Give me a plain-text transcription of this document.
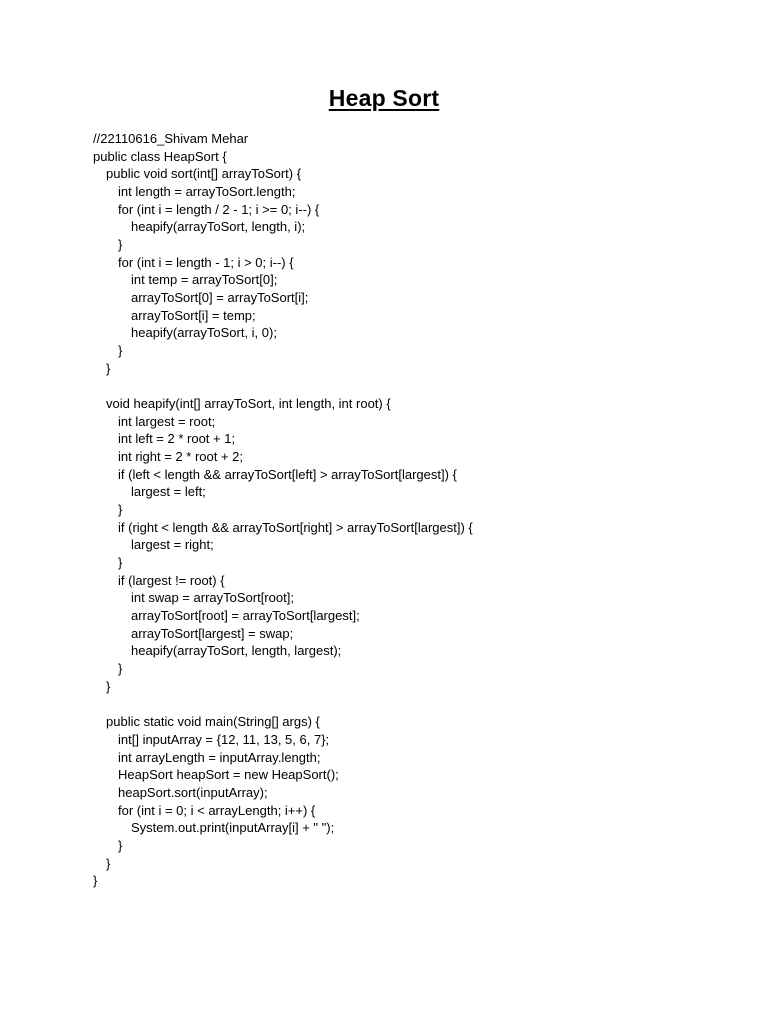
Heap Sort
//22110616_Shivam Mehar
public class HeapSort {
public void sort(int[] arrayToSort) {
int length = arrayToSort.length;
for (int i = length / 2 - 1; i >= 0; i--) {
heapify(arrayToSort, length, i);
}
for (int i = length - 1; i > 0; i--) {
int temp = arrayToSort[0];
arrayToSort[0] = arrayToSort[i];
arrayToSort[i] = temp;
heapify(arrayToSort, i, 0);
}
}
void heapify(int[] arrayToSort, int length, int root) {
int largest = root;
int left = 2 * root + 1;
int right = 2 * root + 2;
if (left < length && arrayToSort[left] > arrayToSort[largest]) {
largest = left;
}
if (right < length && arrayToSort[right] > arrayToSort[largest]) {
largest = right;
}
if (largest != root) {
int swap = arrayToSort[root];
arrayToSort[root] = arrayToSort[largest];
arrayToSort[largest] = swap;
heapify(arrayToSort, length, largest);
}
}
public static void main(String[] args) {
int[] inputArray = {12, 11, 13, 5, 6, 7};
int arrayLength = inputArray.length;
HeapSort heapSort = new HeapSort();
heapSort.sort(inputArray);
for (int i = 0; i < arrayLength; i++) {
System.out.print(inputArray[i] + " ");
}
}
}
